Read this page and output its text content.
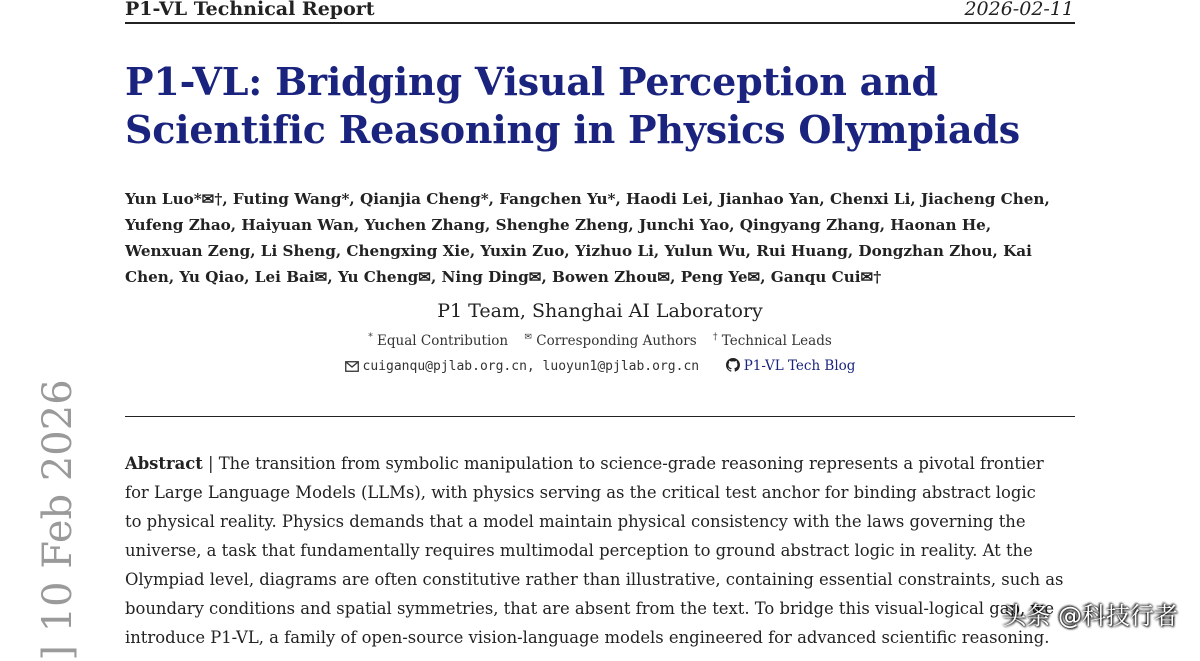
P1-VL Technical Report	2026-02-11
P1-VL: Bridging Visual Perception and
Scientific Reasoning in Physics Olympiads
Yun Luo*✉†, Futing Wang*, Qianjia Cheng*, Fangchen Yu*, Haodi Lei, Jianhao Yan, Chenxi Li, Jiacheng Chen,
Yufeng Zhao, Haiyuan Wan, Yuchen Zhang, Shenghe Zheng, Junchi Yao, Qingyang Zhang, Haonan He,
Wenxuan Zeng, Li Sheng, Chengxing Xie, Yuxin Zuo, Yizhuo Li, Yulun Wu, Rui Huang, Dongzhan Zhou, Kai
Chen, Yu Qiao, Lei Bai✉, Yu Cheng✉, Ning Ding✉, Bowen Zhou✉, Peng Ye✉, Ganqu Cui✉†
P1 Team, Shanghai AI Laboratory
* Equal Contribution ✉ Corresponding Authors † Technical Leads
cuiganqu@pjlab.org.cn, luoyun1@pjlab.org.cn	P1-VL Tech Blog
Abstract | The transition from symbolic manipulation to science-grade reasoning represents a pivotal frontier
for Large Language Models (LLMs), with physics serving as the critical test anchor for binding abstract logic
to physical reality. Physics demands that a model maintain physical consistency with the laws governing the
universe, a task that fundamentally requires multimodal perception to ground abstract logic in reality. At the
Olympiad level, diagrams are often constitutive rather than illustrative, containing essential constraints, such as
boundary conditions and spatial symmetries, that are absent from the text. To bridge this visual-logical gap, we
introduce P1-VL, a family of open-source vision-language models engineered for advanced scientific reasoning.
] 10 Feb 2026	头条 @科技行者
